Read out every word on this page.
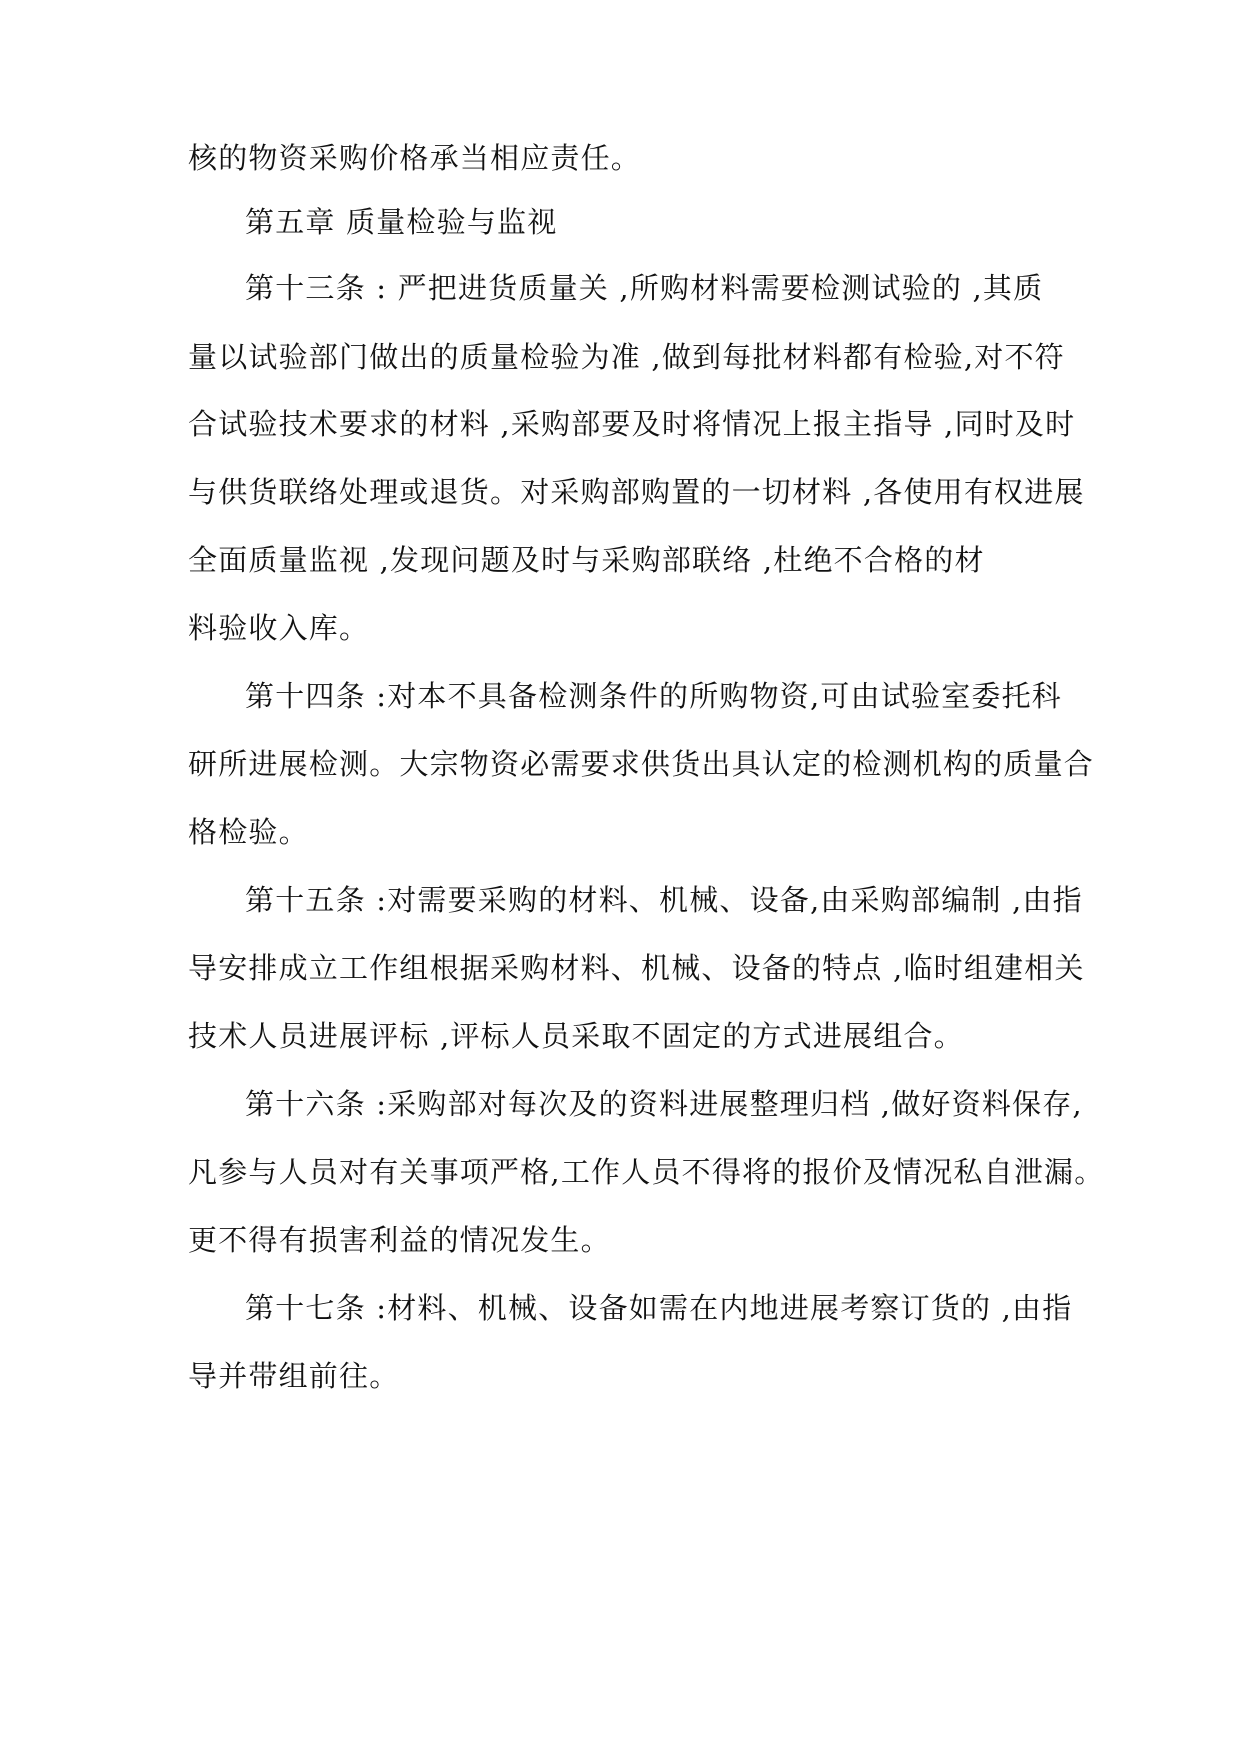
核的物资采购价格承当相应责任。
第五章 质量检验与监视
第十三条 : 严把进货质量关 ,所购材料需要检测试验的 ,其质
量以试验部门做出的质量检验为准 ,做到每批材料都有检验,对不符
合试验技术要求的材料 ,采购部要及时将情况上报主指导 ,同时及时
与供货联络处理或退货。对采购部购置的一切材料 ,各使用有权进展
全面质量监视 ,发现问题及时与采购部联络 ,杜绝不合格的材
料验收入库。
第十四条 :对本不具备检测条件的所购物资,可由试验室委托科
研所进展检测。大宗物资必需要求供货出具认定的检测机构的质量合
格检验。
第十五条 :对需要采购的材料、机械、设备,由采购部编制 ,由指
导安排成立工作组根据采购材料、机械、设备的特点 ,临时组建相关
技术人员进展评标 ,评标人员采取不固定的方式进展组合。
第十六条 :采购部对每次及的资料进展整理归档 ,做好资料保存,
凡参与人员对有关事项严格,工作人员不得将的报价及情况私自泄漏。
更不得有损害利益的情况发生。
第十七条 :材料、机械、设备如需在内地进展考察订货的 ,由指
导并带组前往。
